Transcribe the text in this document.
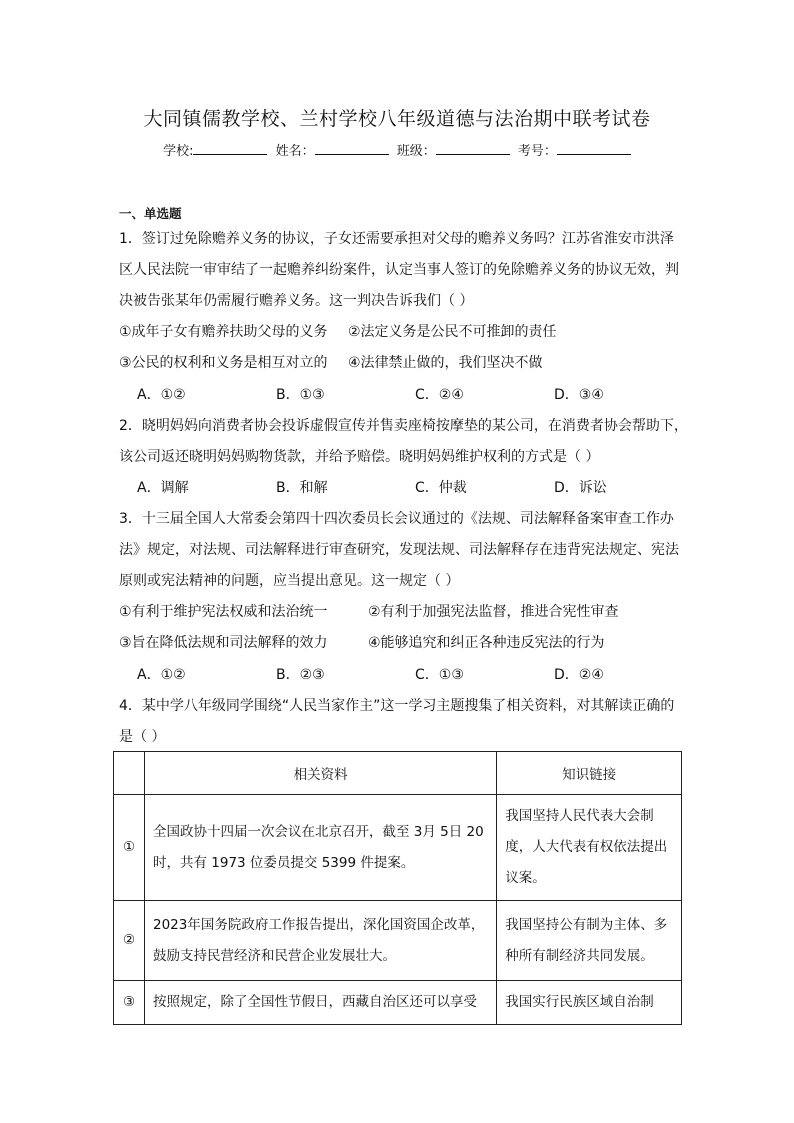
大同镇儒教学校、兰村学校八年级道德与法治期中联考试卷
学校:	姓名：	班级：	考号：
一、单选题
1．签订过免除赡养义务的协议，子女还需要承担对父母的赡养义务吗？江苏省淮安市洪泽
区人民法院一审审结了一起赡养纠纷案件，认定当事人签订的免除赡养义务的协议无效，判
决被告张某年仍需履行赡养义务。这一判决告诉我们（ ）
①成年子女有赡养扶助父母的义务 ②法定义务是公民不可推卸的责任
③公民的权利和义务是相互对立的 ④法律禁止做的，我们坚决不做
A．①②	B．①③	C．②④	D．③④
2．晓明妈妈向消费者协会投诉虚假宣传并售卖座椅按摩垫的某公司，在消费者协会帮助下，
该公司返还晓明妈妈购物货款，并给予赔偿。晓明妈妈维护权利的方式是（ ）
A．调解	B．和解	C．仲裁	D．诉讼
3．十三届全国人大常委会第四十四次委员长会议通过的《法规、司法解释备案审查工作办
法》规定，对法规、司法解释进行审查研究，发现法规、司法解释存在违背宪法规定、宪法
原则或宪法精神的问题，应当提出意见。这一规定（ ）
①有利于维护宪法权威和法治统一	②有利于加强宪法监督，推进合宪性审查
③旨在降低法规和司法解释的效力	④能够追究和纠正各种违反宪法的行为
A．①②	B．②③	C．①③	D．②④
4．某中学八年级同学围绕“人民当家作主”这一学习主题搜集了相关资料，对其解读正确的
是（ ）
	相关资料	知识链接
①	全国政协十四届一次会议在北京召开，截至 3月 5日 20时，共有 1973 位委员提交 5399 件提案。	我国坚持人民代表大会制度，人大代表有权依法提出议案。
②	2023年国务院政府工作报告提出，深化国资国企改革，鼓励支持民营经济和民营企业发展壮大。	我国坚持公有制为主体、多种所有制经济共同发展。
③	按照规定，除了全国性节假日，西藏自治区还可以享受	我国实行民族区域自治制
